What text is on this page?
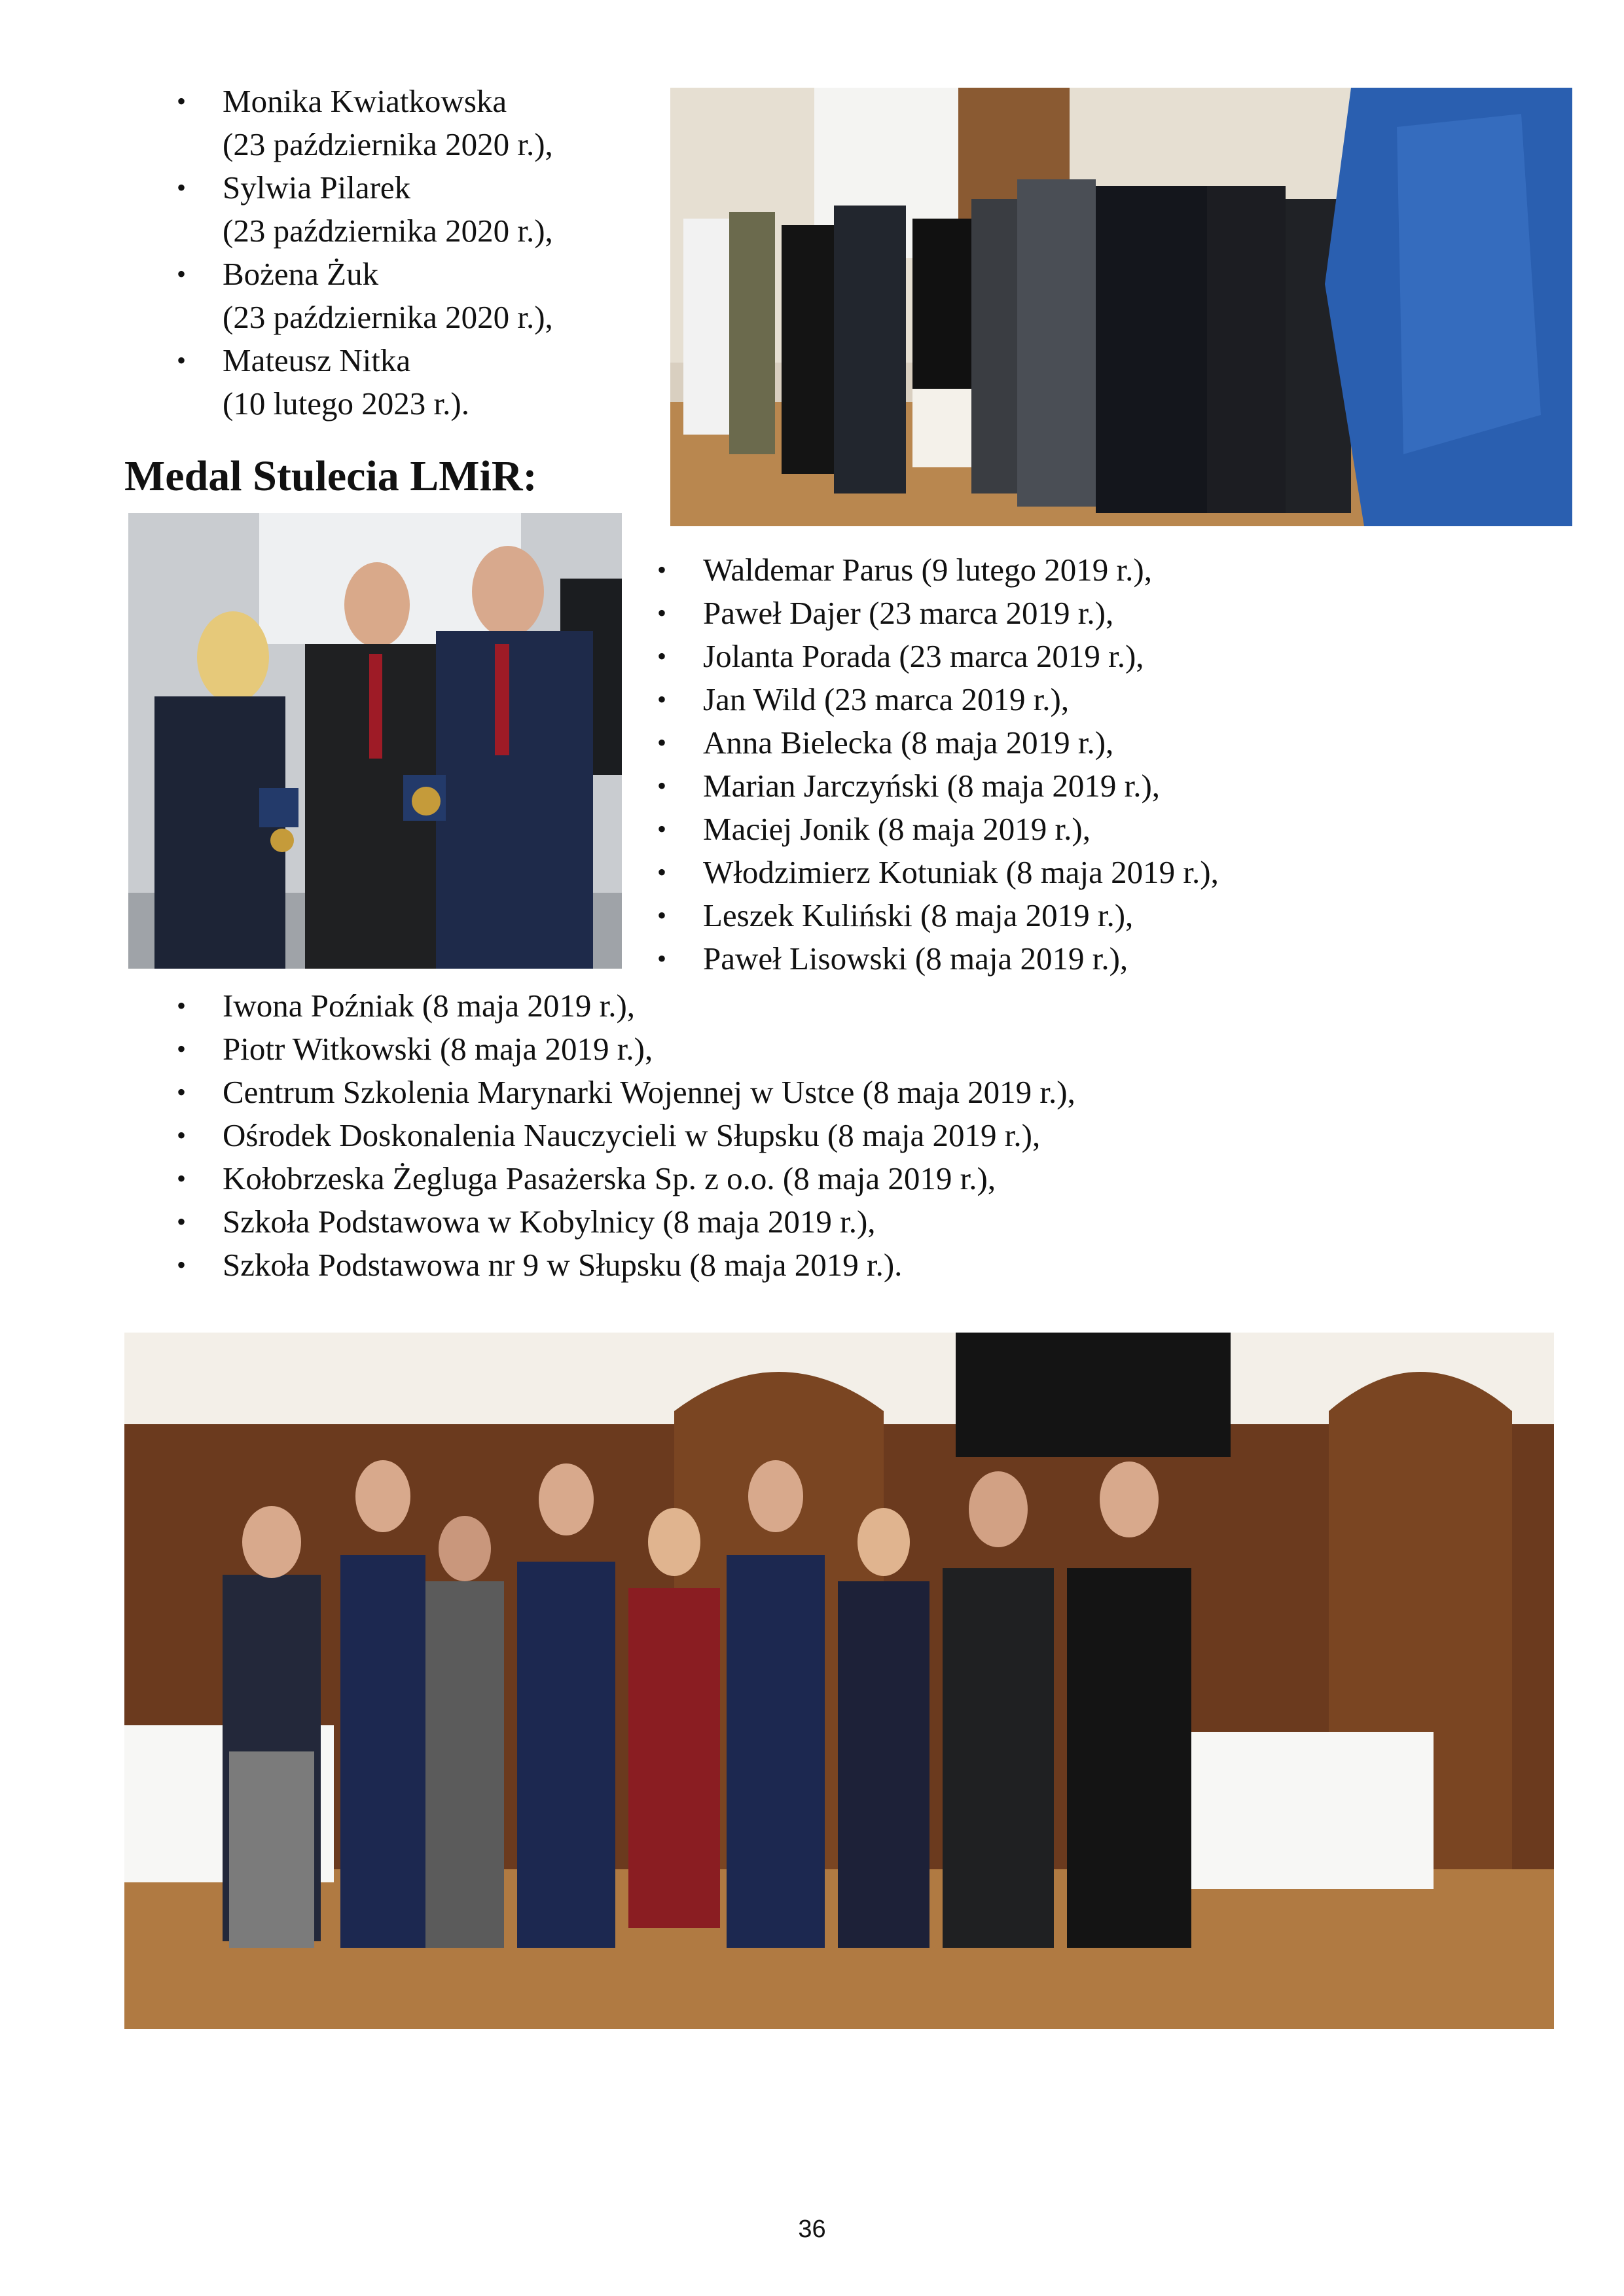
• Monika Kwiatkowska
(23 października 2020 r.),
• Sylwia Pilarek
(23 października 2020 r.),
• Bożena Żuk
(23 października 2020 r.),
• Mateusz Nitka
(10 lutego 2023 r.).
Medal Stulecia LMiR:
• Waldemar Parus (9 lutego 2019 r.),
• Paweł Dajer (23 marca 2019 r.),
• Jolanta Porada (23 marca 2019 r.),
• Jan Wild (23 marca 2019 r.),
• Anna Bielecka (8 maja 2019 r.),
• Marian Jarczyński (8 maja 2019 r.),
• Maciej Jonik (8 maja 2019 r.),
• Włodzimierz Kotuniak (8 maja 2019 r.),
• Leszek Kuliński (8 maja 2019 r.),
• Paweł Lisowski (8 maja 2019 r.),
• Iwona Poźniak (8 maja 2019 r.),
• Piotr Witkowski (8 maja 2019 r.),
• Centrum Szkolenia Marynarki Wojennej w Ustce (8 maja 2019 r.),
• Ośrodek Doskonalenia Nauczycieli w Słupsku (8 maja 2019 r.),
• Kołobrzeska Żegluga Pasażerska Sp. z o.o. (8 maja 2019 r.),
• Szkoła Podstawowa w Kobylnicy (8 maja 2019 r.),
• Szkoła Podstawowa nr 9 w Słupsku (8 maja 2019 r.).
36
